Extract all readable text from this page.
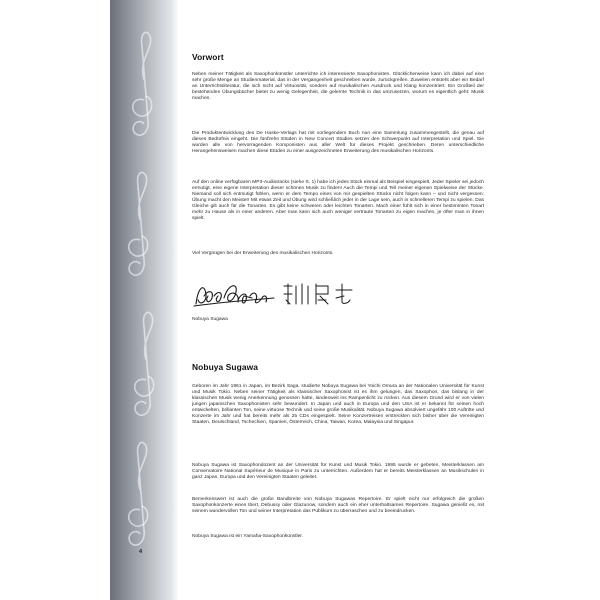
Vorwort

Neben meiner Tätigkeit als Saxophonkünstler unterrichte ich interessierte Saxophonisten. Glücklicherweise kann ich dabei auf eine sehr große Menge an Studienmaterial, das in der Vergangenheit geschrieben wurde, zurückgreifen. Zuweilen entsteht aber ein Bedarf an Unterrichtsliteratur, die sich nicht auf Virtuosität, sondern auf musikalischen Ausdruck und Klang konzentriert. Ein Großteil der bestehenden Übungsbücher bietet zu wenig Gelegenheit, die gelernte Technik in das umzusetzen, worum es eigentlich geht: Musik machen.

Die Produktentwicklung des De Haske-Verlags hat mit vorliegendem Buch nun eine Sammlung zusammengestellt, die genau auf dieses Bedürfnis eingeht. Die fünfzehn Etüden in New Concert Studies setzen den Schwerpunkt auf Interpretation und Spiel. Sie wurden alle von hervorragenden Komponisten aus aller Welt für dieses Projekt geschrieben. Deren unterschiedliche Herangehensweisen machen diese Etüden zu einer ausgezeichneten Erweiterung des musikalischen Horizonts.

Auf den online verfügbaren MP3-Audiotracks (siehe S. 1) habe ich jedes Stück einmal als Beispiel eingespielt. Jeder Spieler sei jedoch ermutigt, eine eigene Interpretation dieser schönen Musik zu finden! Auch die Tempi und Teil meiner eigenen Spielweise der Stücke. Niemand soll sich entmutigt fühlen, wenn er dem Tempo eines von mir gespielten Stücks nicht folgen kann – und nicht vergessen: Übung macht den Meister! Mit etwas Zeit und Übung wird schließlich jeder in der Lage sein, auch in schnelleren Tempi zu spielen. Das Gleiche gilt auch für die Tonarten. Es gibt keine schweren oder leichten Tonarten. Mach einer fühlt sich in einer bestimmten Tonart mehr zu Hause als in einer anderen. Aber man kann sich auch weniger vertraute Tonarten zu eigen machen, je öfter man in ihnen spielt.

Viel Vergnügen bei der Erweiterung des musikalischen Horizonts.

Nobuya Sugawa

Nobuya Sugawa

Geboren im Jahr 1961 in Japan, im Bezirk Saga, studierte Nobuya Sugawa bei Yoichi Omura an der Nationalen Universität für Kunst und Musik Tokio. Neben seiner Tätigkeit als klassischer Saxophonist ist es ihm gelungen, das Saxophon, das bislang in der klassischen Musik wenig Anerkennung genossen hatte, landesweit ins Rampenlicht zu rücken. Aus diesem Grund wird er von vielen jungen japanischen Saxophonisten sehr bewundert. In Japan und auch in Europa und den USA ist er bekannt für seinen hoch entwickelten, brillanten Ton, seine virtuose Technik und seine große Musikalität. Nobuya Sugawa absolviert ungefähr 100 Auftritte und Konzerte im Jahr und hat bereits mehr als 25 CDs eingespielt. Seine Konzertreisen erstreckten sich bisher über die Vereinigten Staaten, Deutschland, Tschechien, Spanien, Österreich, China, Taiwan, Korea, Malaysia und Singapur.

Nobuya Sugawa ist Saxophondozent an der Universität für Kunst und Musik Tokio. 1995 wurde er gebeten, Meisterklassen am Conservatoire National Supérieur de Musique in Paris zu unterrichten. Außerdem hat er bereits Meisterklassen an Musikschulen in ganz Japan, Europa und den Vereinigten Staaten geleitet.

Bemerkenswert ist auch die große Bandbreite von Nobuya Sugawas Repertoire. Er spielt nicht nur erfolgreich die großen Saxophonkonzerte eines Ibert, Debussy oder Glazunow, sondern auch ein eher unterhaltsames Repertoire. Sugawa genießt es, mit seinem wundervollen Ton und seiner Interpretation das Publikum zu überraschen und zu beeindrucken.

Nobuya Sugawa ist ein Yamaha-Saxophonkünstler.

4
